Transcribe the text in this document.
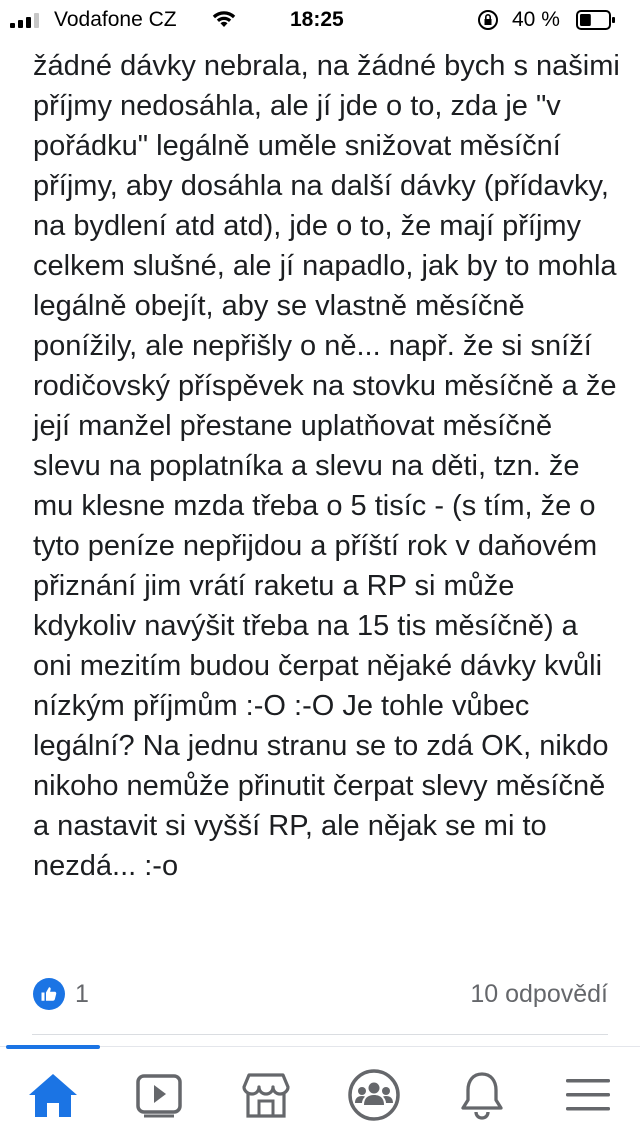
Vodafone CZ	18:25	40 %

žádné dávky nebrala, na žádné bych s našimi příjmy nedosáhla, ale jí jde o to, zda je "v pořádku" legálně uměle snižovat měsíční příjmy, aby dosáhla na další dávky (přídavky, na bydlení atd atd), jde o to, že mají příjmy celkem slušné, ale jí napadlo, jak by to mohla legálně obejít, aby se vlastně měsíčně ponížily, ale nepřišly o ně... např. že si sníží rodičovský příspěvek na stovku měsíčně a že její manžel přestane uplatňovat měsíčně slevu na poplatníka a slevu na děti, tzn. že mu klesne mzda třeba o 5 tisíc - (s tím, že o tyto peníze nepřijdou a příští rok v daňovém přiznání jim vrátí raketu a RP si může kdykoliv navýšit třeba na 15 tis měsíčně) a oni mezitím budou čerpat nějaké dávky kvůli nízkým příjmům :-O :-O Je tohle vůbec legální? Na jednu stranu se to zdá OK, nikdo nikoho nemůže přinutit čerpat slevy měsíčně a nastavit si vyšší RP, ale nějak se mi to nezdá... :-o

1	10 odpovědí
